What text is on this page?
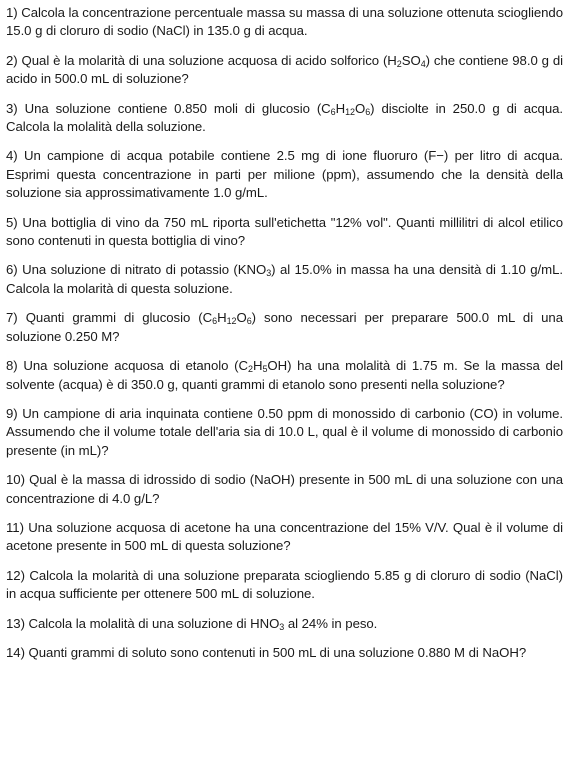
1) Calcola la concentrazione percentuale massa su massa di una soluzione ottenuta sciogliendo 15.0 g di cloruro di sodio (NaCl) in 135.0 g di acqua.

2) Qual è la molarità di una soluzione acquosa di acido solforico $(H_2SO_4)$ che contiene 98.0 g di acido in 500.0 mL di soluzione?

3) Una soluzione contiene 0.850 moli di glucosio $(C_6H_{12}O_6)$ disciolte in 250.0 g di acqua. Calcola la molalità della soluzione.

4) Un campione di acqua potabile contiene 2.5 mg di ione fluoruro (F−) per litro di acqua. Esprimi questa concentrazione in parti per milione (ppm), assumendo che la densità della soluzione sia approssimativamente 1.0 g/mL.

5) Una bottiglia di vino da 750 mL riporta sull'etichetta "12% vol". Quanti millilitri di alcol etilico sono contenuti in questa bottiglia di vino?

6) Una soluzione di nitrato di potassio $(KNO_3)$ al 15.0% in massa ha una densità di 1.10 g/mL. Calcola la molarità di questa soluzione.

7) Quanti grammi di glucosio $(C_6H_{12}O_6)$ sono necessari per preparare 500.0 mL di una soluzione 0.250 M?

8) Una soluzione acquosa di etanolo $(C_2H_5OH)$ ha una molalità di 1.75 m. Se la massa del solvente (acqua) è di 350.0 g, quanti grammi di etanolo sono presenti nella soluzione?

9) Un campione di aria inquinata contiene 0.50 ppm di monossido di carbonio (CO) in volume. Assumendo che il volume totale dell'aria sia di 10.0 L, qual è il volume di monossido di carbonio presente (in mL)?

10) Qual è la massa di idrossido di sodio (NaOH) presente in 500 mL di una soluzione con una concentrazione di 4.0 g/L?

11) Una soluzione acquosa di acetone ha una concentrazione del 15% V/V. Qual è il volume di acetone presente in 500 mL di questa soluzione?

12) Calcola la molarità di una soluzione preparata sciogliendo 5.85 g di cloruro di sodio (NaCl) in acqua sufficiente per ottenere 500 mL di soluzione.

13) Calcola la molalità di una soluzione di $HNO_3$ al 24% in peso.

14) Quanti grammi di soluto sono contenuti in 500 mL di una soluzione 0.880 M di NaOH?
